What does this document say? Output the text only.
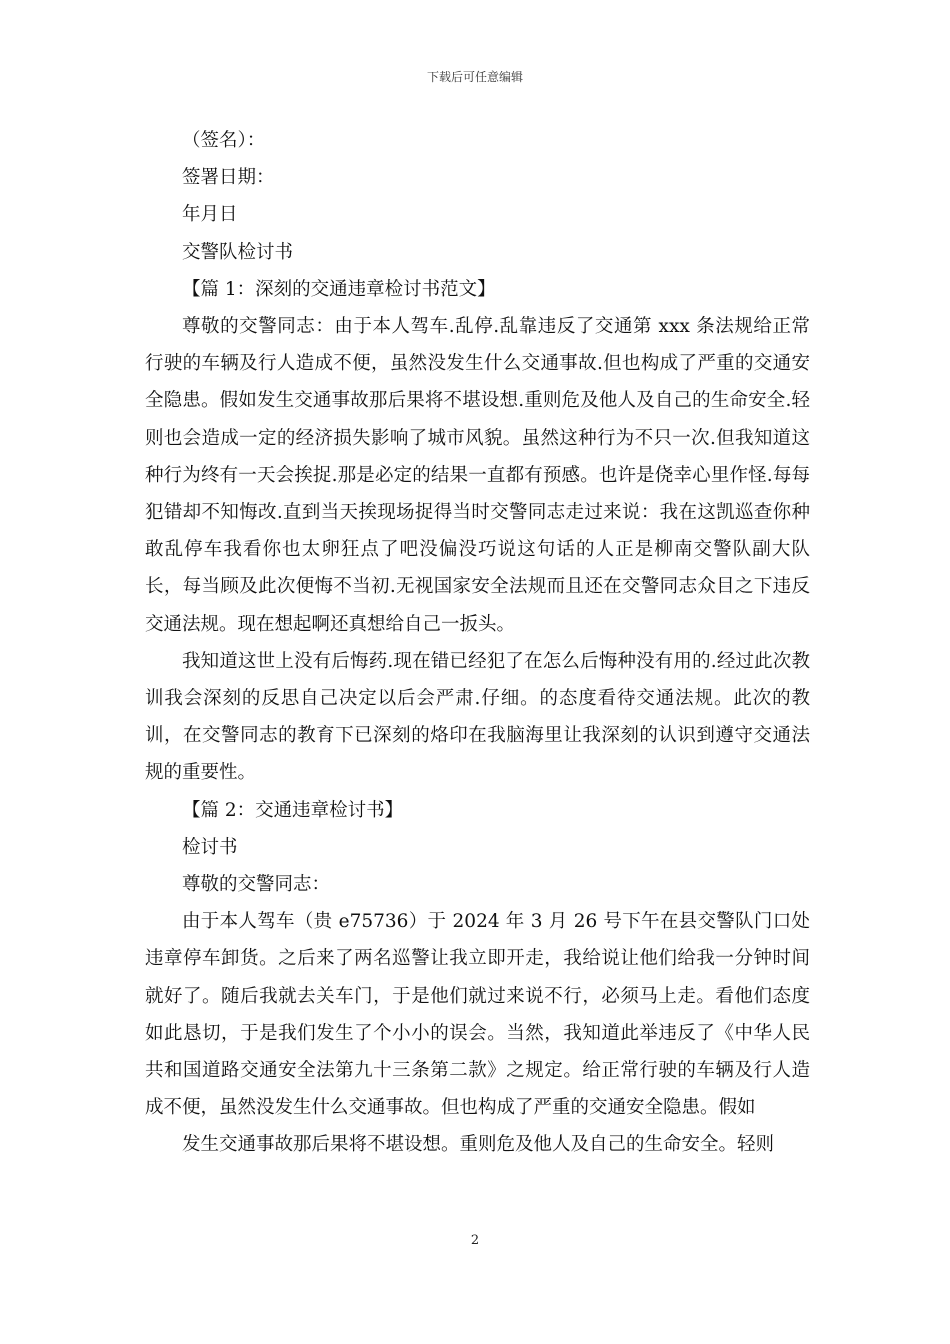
下载后可任意编辑

（签名）：

签署日期：

年月日

交警队检讨书

【篇 1：深刻的交通违章检讨书范文】

尊敬的交警同志：由于本人驾车.乱停.乱靠违反了交通第 xxx 条法规给正常行驶的车辆及行人造成不便，虽然没发生什么交通事故.但也构成了严重的交通安全隐患。假如发生交通事故那后果将不堪设想.重则危及他人及自己的生命安全.轻则也会造成一定的经济损失影响了城市风貌。虽然这种行为不只一次.但我知道这种行为终有一天会挨捉.那是必定的结果一直都有预感。也许是侥幸心里作怪.每每犯错却不知悔改.直到当天挨现场捉得当时交警同志走过来说：我在这凯巡查你种敢乱停车我看你也太卵狂点了吧没偏没巧说这句话的人正是柳南交警队副大队长，每当顾及此次便悔不当初.无视国家安全法规而且还在交警同志众目之下违反交通法规。现在想起啊还真想给自己一扳头。

我知道这世上没有后悔药.现在错已经犯了在怎么后悔种没有用的.经过此次教训我会深刻的反思自己决定以后会严肃.仔细。的态度看待交通法规。此次的教训，在交警同志的教育下已深刻的烙印在我脑海里让我深刻的认识到遵守交通法规的重要性。

【篇 2：交通违章检讨书】

检讨书

尊敬的交警同志：

由于本人驾车（贵 e75736）于 2024 年 3 月 26 号下午在县交警队门口处违章停车卸货。之后来了两名巡警让我立即开走，我给说让他们给我一分钟时间就好了。随后我就去关车门，于是他们就过来说不行，必须马上走。看他们态度如此恳切，于是我们发生了个小小的误会。当然，我知道此举违反了《中华人民共和国道路交通安全法第九十三条第二款》之规定。给正常行驶的车辆及行人造成不便，虽然没发生什么交通事故。但也构成了严重的交通安全隐患。假如

发生交通事故那后果将不堪设想。重则危及他人及自己的生命安全。轻则

2
